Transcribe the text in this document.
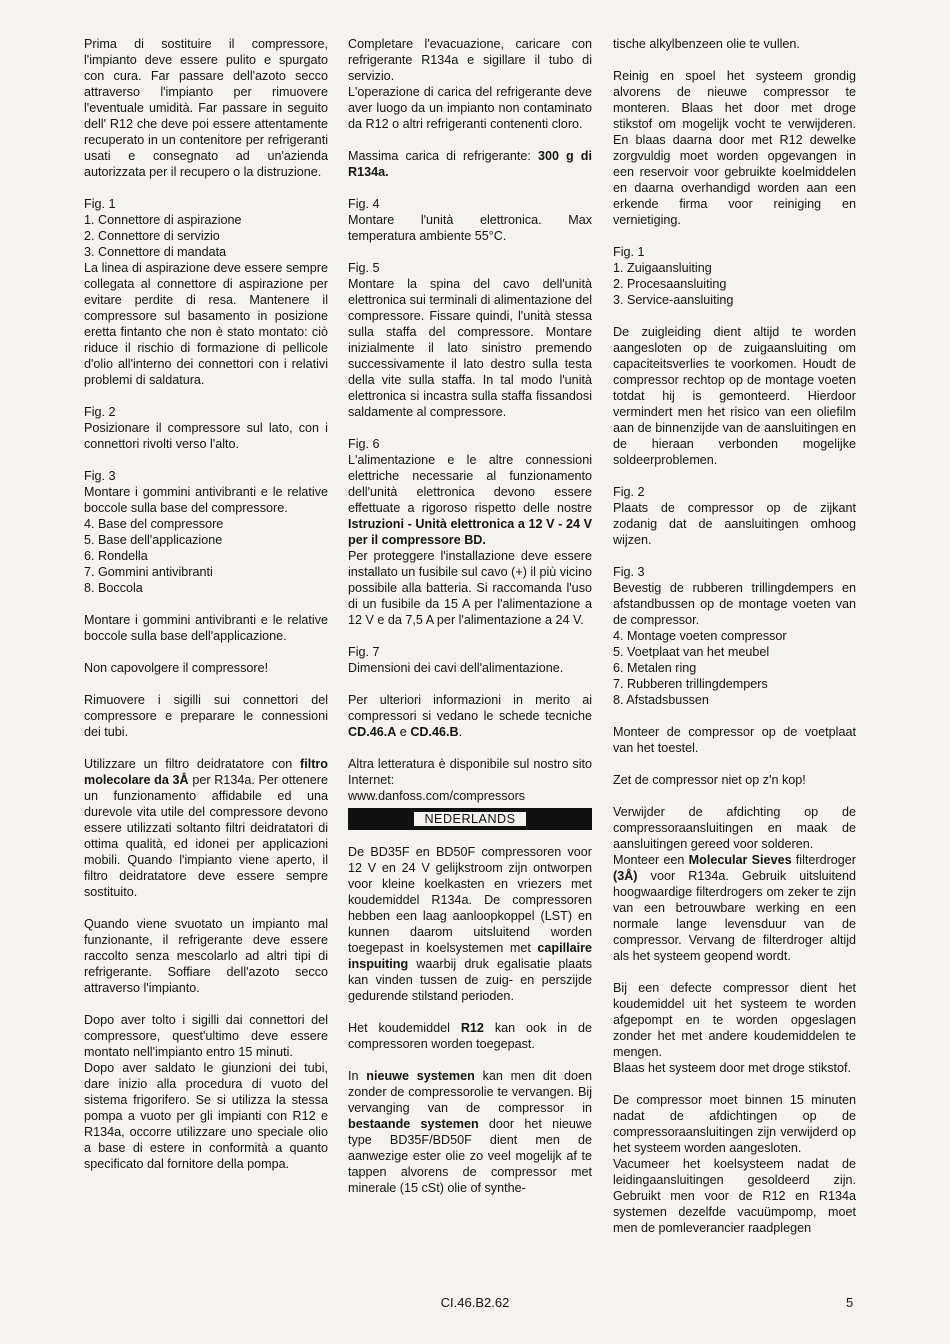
Prima di sostituire il compressore, l'impianto deve essere pulito e spurgato con cura. Far passare dell'azoto secco attraverso l'impianto per rimuovere l'eventuale umidità. Far passare in seguito dell' R12 che deve poi essere attentamente recuperato in un contenitore per refrigeranti usati e consegnato ad un'azienda autorizzata per il recupero o la distruzione.

Fig. 1

1. Connettore di aspirazione
2. Connettore di servizio
3. Connettore di mandata

La linea di aspirazione deve essere sempre collegata al connettore di aspirazione per evitare perdite di resa. Mantenere il compressore sul basamento in posizione eretta fintanto che non è stato montato: ciò riduce il rischio di formazione di pellicole d'olio all'interno dei connettori con i relativi problemi di saldatura.

Fig. 2

Posizionare il compressore sul lato, con i connettori rivolti verso l'alto.

Fig. 3

Montare i gommini antivibranti e le relative boccole sulla base del compressore.

4. Base del compressore
5. Base dell'applicazione
6. Rondella
7. Gommini antivibranti
8. Boccola

Montare i gommini antivibranti e le relative boccole sulla base dell'applicazione.

Non capovolgere il compressore!

Rimuovere i sigilli sui connettori del compressore e preparare le connessioni dei tubi.

Utilizzare un filtro deidratatore con filtro molecolare da 3Å per R134a. Per ottenere un funzionamento affidabile ed una durevole vita utile del compressore devono essere utilizzati soltanto filtri deidratatori di ottima qualità, ed idonei per applicazioni mobili. Quando l'impianto viene aperto, il filtro deidratatore deve essere sempre sostituito.

Quando viene svuotato un impianto mal funzionante, il refrigerante deve essere raccolto senza mescolarlo ad altri tipi di refrigerante. Soffiare dell'azoto secco attraverso l'impianto.

Dopo aver tolto i sigilli dai connettori del compressore, quest'ultimo deve essere montato nell'impianto entro 15 minuti.

Dopo aver saldato le giunzioni dei tubi, dare inizio alla procedura di vuoto del sistema frigorifero. Se si utilizza la stessa pompa a vuoto per gli impianti con R12 e R134a, occorre utilizzare uno speciale olio a base di estere in conformità a quanto specificato dal fornitore della pompa.

Completare l'evacuazione, caricare con refrigerante R134a e sigillare il tubo di servizio.

L'operazione di carica del refrigerante deve aver luogo da un impianto non contaminato da R12 o altri refrigeranti contenenti cloro.

Massima carica di refrigerante: 300 g di R134a.

Fig. 4

Montare l'unità elettronica. Max temperatura ambiente 55°C.

Fig. 5

Montare la spina del cavo dell'unità elettronica sui terminali di alimentazione del compressore. Fissare quindi, l'unità stessa sulla staffa del compressore. Montare inizialmente il lato sinistro premendo successivamente il lato destro sulla testa della vite sulla staffa. In tal modo l'unità elettronica si incastra sulla staffa fissandosi saldamente al compressore.

Fig. 6

L'alimentazione e le altre connessioni elettriche necessarie al funzionamento dell'unità elettronica devono essere effettuate a rigoroso rispetto delle nostre Istruzioni - Unità elettronica a 12 V - 24 V per il compressore BD.

Per proteggere l'installazione deve essere installato un fusibile sul cavo (+) il più vicino possibile alla batteria. Si raccomanda l'uso di un fusibile da 15 A per l'alimentazione a 12 V e da 7,5 A per l'alimentazione a 24 V.

Fig. 7

Dimensioni dei cavi dell'alimentazione.

Per ulteriori informazioni in merito ai compressori si vedano le schede tecniche CD.46.A e CD.46.B.

Altra letteratura è disponibile sul nostro sito Internet:

www.danfoss.com/compressors

NEDERLANDS

De BD35F en BD50F compressoren voor 12 V en 24 V gelijkstroom zijn ontworpen voor kleine koelkasten en vriezers met koudemiddel R134a. De compressoren hebben een laag aanloopkoppel (LST) en kunnen daarom uitsluitend worden toegepast in koelsystemen met capillaire inspuiting waarbij druk egalisatie plaats kan vinden tussen de zuig- en perszijde gedurende stilstand perioden.

Het koudemiddel R12 kan ook in de compressoren worden toegepast.

In nieuwe systemen kan men dit doen zonder de compressorolie te vervangen. Bij vervanging van de compressor in bestaande systemen door het nieuwe type BD35F/BD50F dient men de aanwezige ester olie zo veel mogelijk af te tappen alvorens de compressor met minerale (15 cSt) olie of synthe-

tische alkylbenzeen olie te vullen.

Reinig en spoel het systeem grondig alvorens de nieuwe compressor te monteren. Blaas het door met droge stikstof om mogelijk vocht te verwijderen. En blaas daarna door met R12 dewelke zorgvuldig moet worden opgevangen in een reservoir voor gebruikte koelmiddelen en daarna overhandigd worden aan een erkende firma voor reiniging en vernietiging.

Fig. 1

1. Zuigaansluiting
2. Procesaansluiting
3. Service-aansluiting

De zuigleiding dient altijd te worden aangesloten op de zuigaansluiting om capaciteitsverlies te voorkomen. Houdt de compressor rechtop op de montage voeten totdat hij is gemonteerd. Hierdoor vermindert men het risico van een oliefilm aan de binnenzijde van de aansluitingen en de hieraan verbonden mogelijke soldeerproblemen.

Fig. 2

Plaats de compressor op de zijkant zodanig dat de aansluitingen omhoog wijzen.

Fig. 3

Bevestig de rubberen trillingdempers en afstandbussen op de montage voeten van de compressor.

4. Montage voeten compressor
5. Voetplaat van het meubel
6. Metalen ring
7. Rubberen trillingdempers
8. Afstadsbussen

Monteer de compressor op de voetplaat van het toestel.

Zet de compressor niet op z'n kop!

Verwijder de afdichting op de compressoraansluitingen en maak de aansluitingen gereed voor solderen.

Monteer een Molecular Sieves filterdroger (3Å) voor R134a. Gebruik uitsluitend hoogwaardige filterdrogers om zeker te zijn van een betrouwbare werking en een normale lange levensduur van de compressor. Vervang de filterdroger altijd als het systeem geopend wordt.

Bij een defecte compressor dient het koudemiddel uit het systeem te worden afgepompt en te worden opgeslagen zonder het met andere koudemiddelen te mengen.

Blaas het systeem door met droge stikstof.

De compressor moet binnen 15 minuten nadat de afdichtingen op de compressoraansluitingen zijn verwijderd op het systeem worden aangesloten.

Vacumeer het koelsysteem nadat de leidingaansluitingen gesoldeerd zijn. Gebruikt men voor de R12 en R134a systemen dezelfde vacuümpomp, moet men de pomleverancier raadplegen

CI.46.B2.62	5
